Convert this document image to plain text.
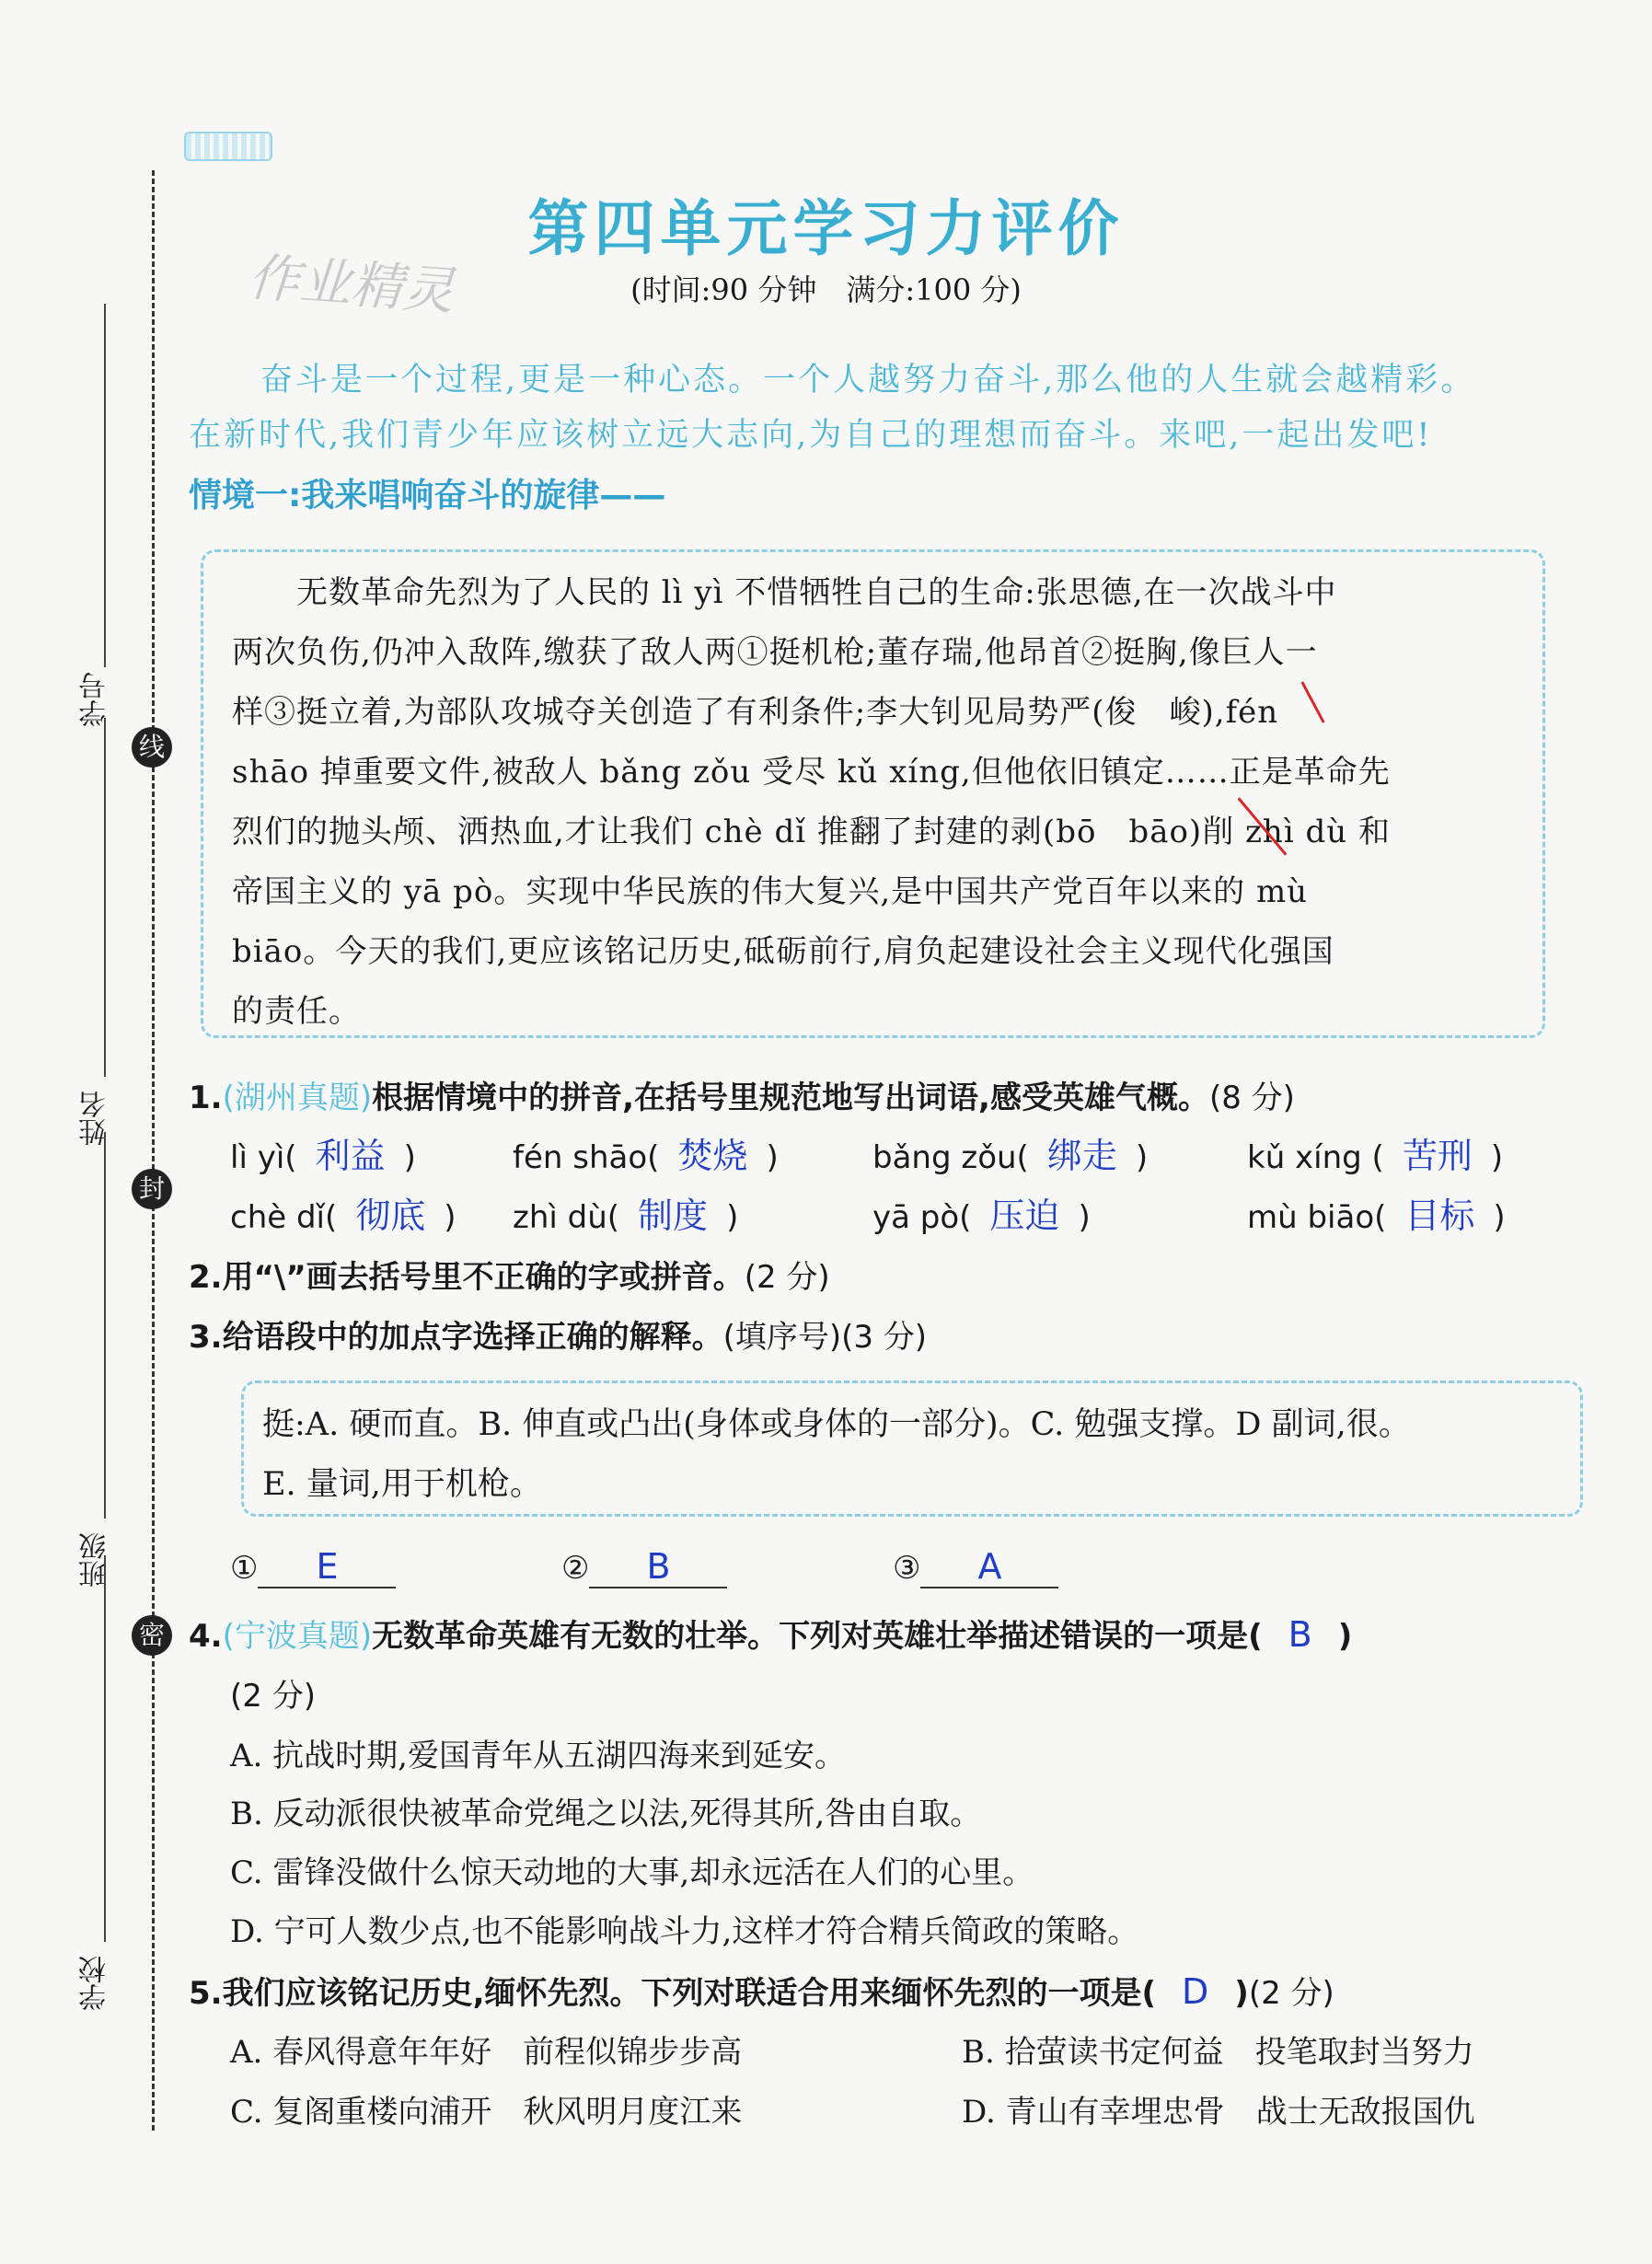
学号
姓名
班级
学校
线
封
密
作业精灵
第四单元学习力评价
(时间:90 分钟　满分:100 分)
奋斗是一个过程,更是一种心态。一个人越努力奋斗,那么他的人生就会越精彩。
在新时代,我们青少年应该树立远大志向,为自己的理想而奋斗。来吧,一起出发吧!
情境一:我来唱响奋斗的旋律——

　　无数革命先烈为了人民的 lì yì 不惜牺牲自己的生命:张思德,在一次战斗中

两次负伤,仍冲入敌阵,缴获了敌人两①挺机枪;董存瑞,他昂首②挺胸,像巨人一

样③挺立着,为部队攻城夺关创造了有利条件;李大钊见局势严(俊　峻),fén

shāo 掉重要文件,被敌人 bǎng zǒu 受尽 kǔ xíng,但他依旧镇定……正是革命先

烈们的抛头颅、洒热血,才让我们 chè dǐ 推翻了封建的剥(bō　bāo)削 zhì dù 和

帝国主义的 yā pò。实现中华民族的伟大复兴,是中国共产党百年以来的 mù

biāo。今天的我们,更应该铭记历史,砥砺前行,肩负起建设社会主义现代化强国

的责任。

1.(湖州真题)根据情境中的拼音,在括号里规范地写出词语,感受英雄气概。(8 分)
lì yì( 利益 )	fén shāo( 焚烧 )	bǎng zǒu( 绑走 )	kǔ xíng ( 苦刑 )
chè dǐ( 彻底 ) zhì dù( 制度 )	yā pò( 压迫 )	mù biāo( 目标 )
2.用“\”画去括号里不正确的字或拼音。(2 分)
3.给语段中的加点字选择正确的解释。(填序号)(3 分)
挺:A. 硬而直。B. 伸直或凸出(身体或身体的一部分)。C. 勉强支撑。D 副词,很。
E. 量词,用于机枪。
① E	② B	③ A
4.(宁波真题)无数革命英雄有无数的壮举。下列对英雄壮举描述错误的一项是( B )
(2 分)
A. 抗战时期,爱国青年从五湖四海来到延安。
B. 反动派很快被革命党绳之以法,死得其所,咎由自取。
C. 雷锋没做什么惊天动地的大事,却永远活在人们的心里。
D. 宁可人数少点,也不能影响战斗力,这样才符合精兵简政的策略。
5.我们应该铭记历史,缅怀先烈。下列对联适合用来缅怀先烈的一项是( D )(2 分)
A. 春风得意年年好　前程似锦步步高	B. 拾萤读书定何益　投笔取封当努力
C. 复阁重楼向浦开　秋风明月度江来	D. 青山有幸埋忠骨　战士无敌报国仇
